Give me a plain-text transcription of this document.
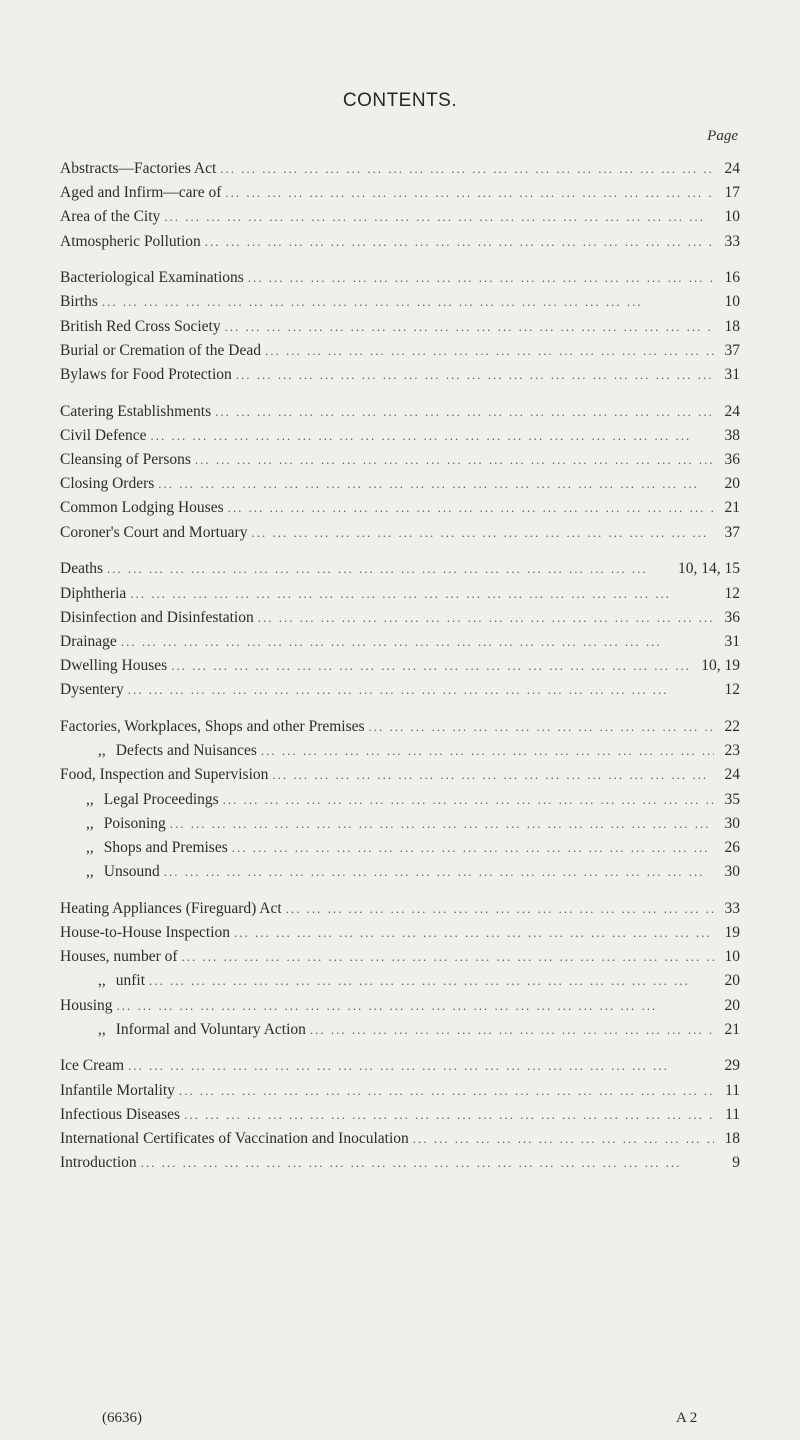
CONTENTS.
Page
Abstracts—Factories Act ... .	24
Aged and Infirm—care of ... .	17
Area of the City ... .	10
Atmospheric Pollution ... .	33
Bacteriological Examinations ... .	16
Births ... .	10
British Red Cross Society ... .	18
Burial or Cremation of the Dead ... .	37
Bylaws for Food Protection ... .	31
Catering Establishments ... .	24
Civil Defence ... .	38
Cleansing of Persons ... .	36
Closing Orders ... .	20
Common Lodging Houses ... .	21
Coroner's Court and Mortuary ... .	37
Deaths ... .	10, 14, 15
Diphtheria ... .	12
Disinfection and Disinfestation ... .	36
Drainage ... .	31
Dwelling Houses ... .	10, 19
Dysentery ... .	12
Factories, Workplaces, Shops and other Premises ... .	22
,, Defects and Nuisances ... .	23
Food, Inspection and Supervision ... .	24
,, Legal Proceedings ... .	35
,, Poisoning ... .	30
,, Shops and Premises ... .	26
,, Unsound ... .	30
Heating Appliances (Fireguard) Act ... .	33
House-to-House Inspection ... .	19
Houses, number of ... .	10
,, unfit ... .	20
Housing ... .	20
,, Informal and Voluntary Action ... .	21
Ice Cream ... .	29
Infantile Mortality ... .	11
Infectious Diseases ... .	11
International Certificates of Vaccination and Inoculation ... .	18
Introduction ... .	9
(6636)	A 2
